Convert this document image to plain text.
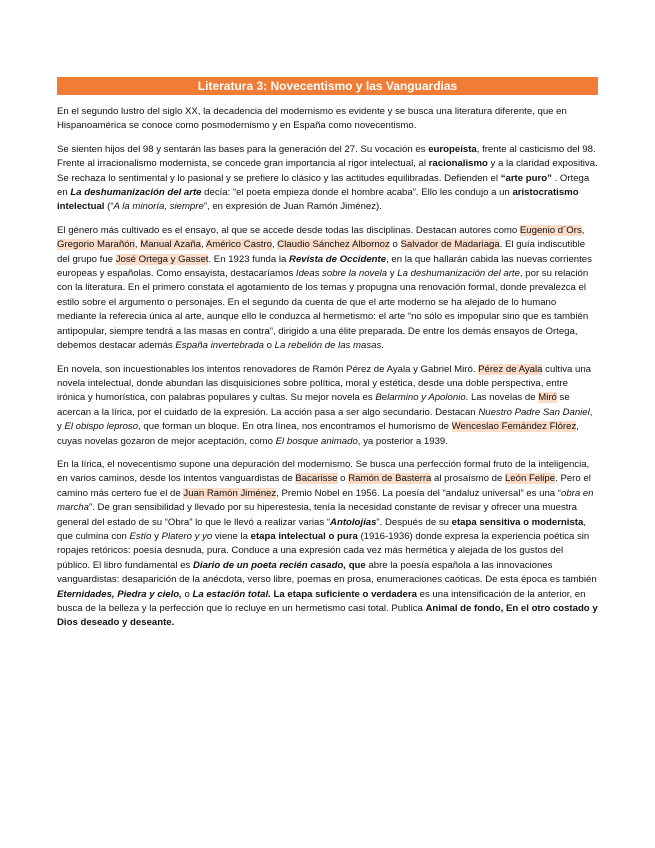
Literatura 3: Novecentismo y las Vanguardias

En el segundo lustro del siglo XX, la decadencia del modernismo es evidente y se busca una literatura diferente, que en Hispanoamérica se conoce como posmodernismo y en España como novecentismo.

Se sienten hijos del 98 y sentarán las bases para la generación del 27. Su vocación es europeísta, frente al casticismo del 98. Frente al irracionalismo modernista, se concede gran importancia al rigor intelectual, al racionalismo y a la claridad expositiva. Se rechaza lo sentimental y lo pasional y se prefiere lo clásico y las actitudes equilibradas. Defienden el “arte puro” . Ortega en La deshumanización del arte decía: “el poeta empieza donde el hombre acaba”. Ello les condujo a un aristocratismo intelectual (“A la minoría, siempre”, en expresión de Juan Ramón Jiménez).

El género más cultivado es el ensayo, al que se accede desde todas las disciplinas. Destacan autores como Eugenio d´Ors, Gregorio Marañón, Manual Azaña, Américo Castro, Claudio Sánchez Albornoz o Salvador de Madariaga. El guía indiscutible del grupo fue José Ortega y Gasset. En 1923 funda la Revista de Occidente, en la que hallarán cabida las nuevas corrientes europeas y españolas. Como ensayista, destacaríamos Ideas sobre la novela y La deshumanización del arte, por su relación con la literatura. En el primero constata el agotamiento de los temas y propugna una renovación formal, donde prevalezca el estilo sobre el argumento o personajes. En el segundo da cuenta de que el arte moderno se ha alejado de lo humano mediante la referecia única al arte, aunque ello le conduzca al hermetismo: el arte “no sólo es impopular sino que es también antipopular, siempre tendrá a las masas en contra”, dirigido a una élite preparada. De entre los demás ensayos de Ortega, debemos destacar además España invertebrada o La rebelión de las masas.

En novela, son incuestionables los intentos renovadores de Ramón Pérez de Ayala y Gabriel Miró. Pérez de Ayala cultiva una novela intelectual, donde abundan las disquisiciones sobre política, moral y estética, desde una doble perspectiva, entre irónica y humorística, con palabras populares y cultas. Su mejor novela es Belarmino y Apolonio. Las novelas de Miró se acercan a la lírica, por el cuidado de la expresión. La acción pasa a ser algo secundario. Destacan Nuestro Padre San Daniel, y El obispo leproso, que forman un bloque. En otra línea, nos encontramos el humorismo de Wenceslao Femández Flórez, cuyas novelas gozaron de mejor aceptación, como El bosque animado, ya posterior a 1939.

En la lírica, el novecentismo supone una depuración del modernismo. Se busca una perfección formal fruto de la inteligencia, en varios caminos, desde los intentos vanguardistas de Bacarisse o Ramón de Basterra al prosaísmo de León Felipe. Pero el camino más certero fue el de Juan Ramón Jiménez, Premio Nobel en 1956. La poesía del “andaluz universal” es una “obra en marcha”. De gran sensibilidad y llevado por su hiperestesia, tenía la necesidad constante de revisar y ofrecer una muestra general del estado de su “Obra” lo que le llevó a realizar varias “Antolojías”. Después de su etapa sensitiva o modernista, que culmina con Estío y Platero y yo viene la etapa intelectual o pura (1916-1936) donde expresa la experiencia poética sin ropajes retóricos: poesía desnuda, pura. Conduce a una expresión cada vez más hermética y alejada de los gustos del público. El libro fundamental es Diario de un poeta recién casado, que abre la poesía española a las innovaciones vanguardistas: desaparición de la anécdota, verso libre, poemas en prosa, enumeraciones caóticas. De esta época es también Eternidades, Piedra y cielo, o La estación total. La etapa suficiente o verdadera es una intensificación de la anterior, en busca de la belleza y la perfección que lo recluye en un hermetismo casi total. Publica Animal de fondo, En el otro costado y Dios deseado y deseante.
